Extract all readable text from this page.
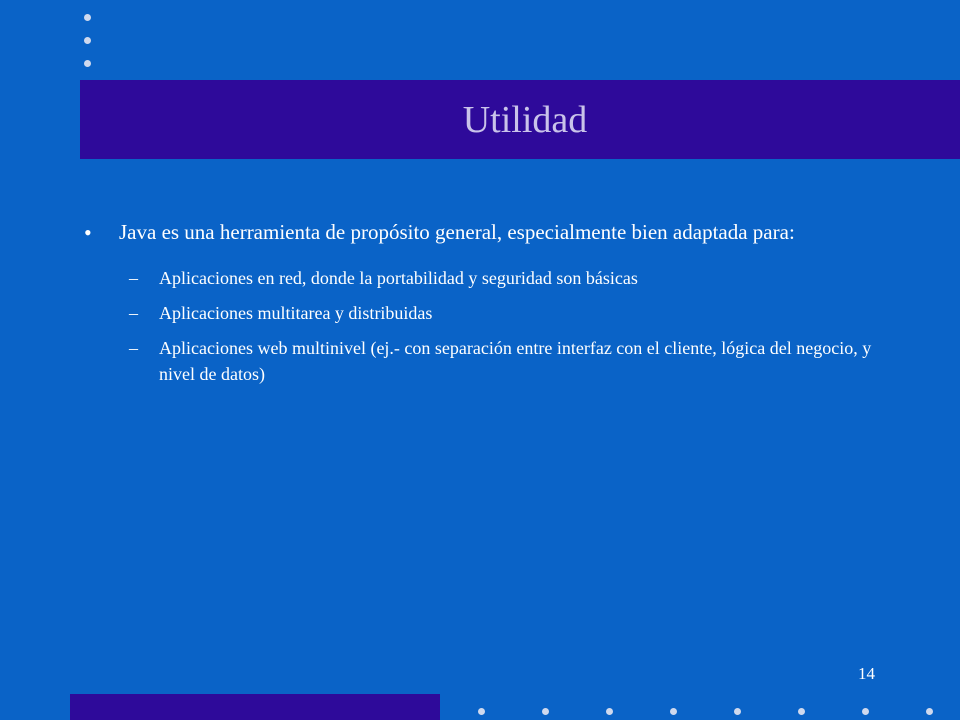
Utilidad
• Java es una herramienta de propósito general, especialmente bien adaptada para:
– Aplicaciones en red, donde la portabilidad y seguridad son básicas
– Aplicaciones multitarea y distribuidas
– Aplicaciones web multinivel (ej.- con separación entre interfaz con el cliente, lógica del negocio, y nivel de datos)
14
